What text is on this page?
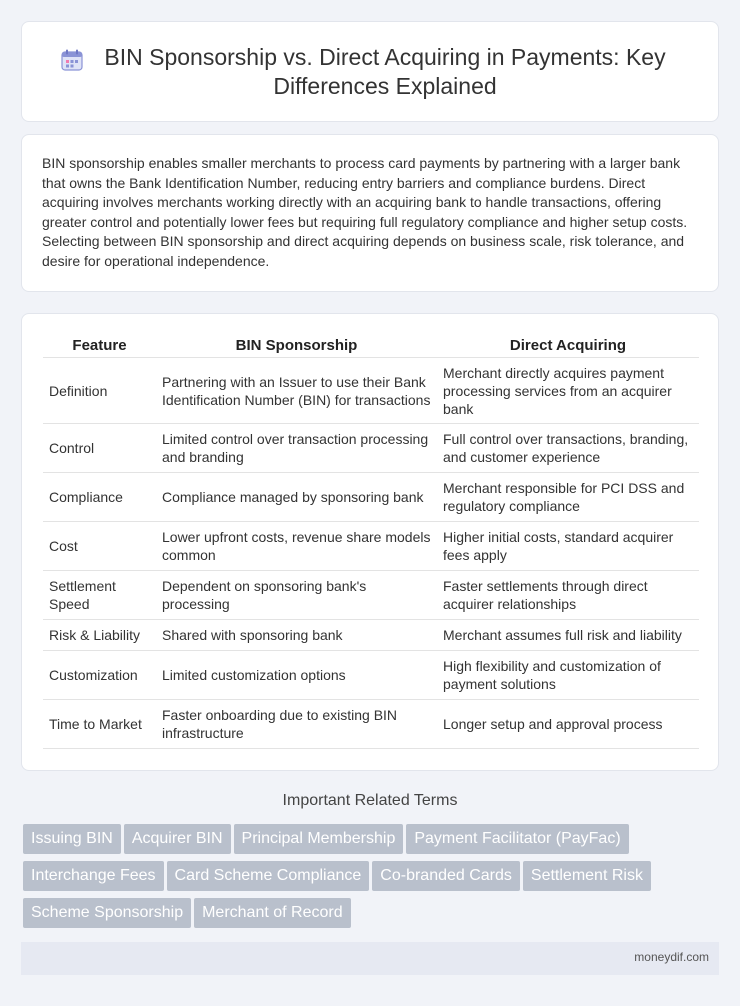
BIN Sponsorship vs. Direct Acquiring in Payments: Key Differences Explained

BIN sponsorship enables smaller merchants to process card payments by partnering with a larger bank that owns the Bank Identification Number, reducing entry barriers and compliance burdens. Direct acquiring involves merchants working directly with an acquiring bank to handle transactions, offering greater control and potentially lower fees but requiring full regulatory compliance and higher setup costs. Selecting between BIN sponsorship and direct acquiring depends on business scale, risk tolerance, and desire for operational independence.

Feature	BIN Sponsorship	Direct Acquiring
Definition	Partnering with an Issuer to use their Bank Identification Number (BIN) for transactions	Merchant directly acquires payment processing services from an acquirer bank
Control	Limited control over transaction processing and branding	Full control over transactions, branding, and customer experience
Compliance	Compliance managed by sponsoring bank	Merchant responsible for PCI DSS and regulatory compliance
Cost	Lower upfront costs, revenue share models common	Higher initial costs, standard acquirer fees apply
Settlement Speed	Dependent on sponsoring bank's processing	Faster settlements through direct acquirer relationships
Risk & Liability	Shared with sponsoring bank	Merchant assumes full risk and liability
Customization	Limited customization options	High flexibility and customization of payment solutions
Time to Market	Faster onboarding due to existing BIN infrastructure	Longer setup and approval process
Important Related Terms
Issuing BIN Acquirer BIN Principal Membership Payment Facilitator (PayFac)Interchange Fees Card Scheme Compliance Co-branded Cards Settlement RiskScheme Sponsorship Merchant of Record
moneydif.com
